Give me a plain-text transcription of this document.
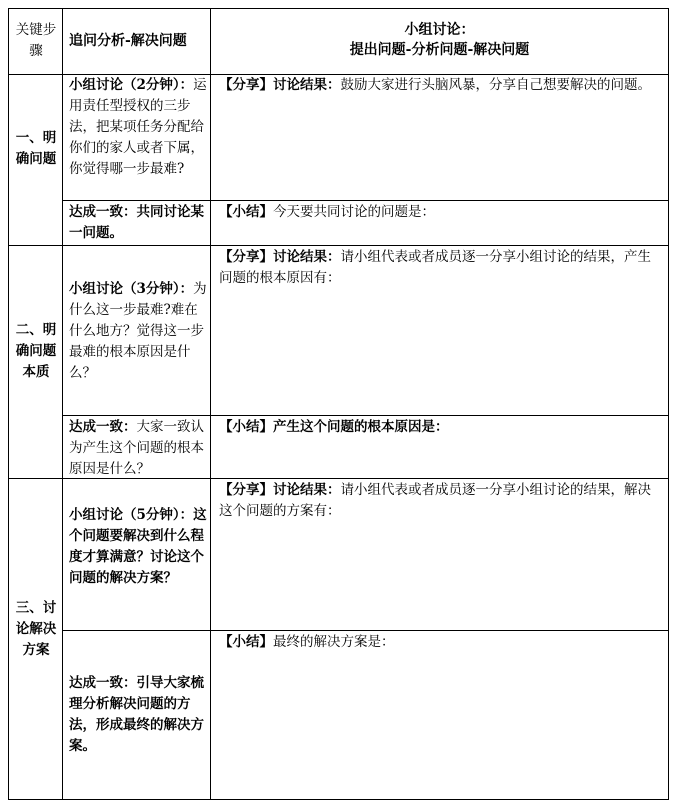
关键步骤
追问分析-解决问题
小组讨论：
提出问题-分析问题-解决问题
一、明确问题
小组讨论（2分钟）：运用责任型授权的三步法，把某项任务分配给你们的家人或者下属，你觉得哪一步最难?
【分享】讨论结果：鼓励大家进行头脑风暴，分享自己想要解决的问题。
达成一致：共同讨论某一问题。
【小结】今天要共同讨论的问题是：
二、明确问题本质
小组讨论（3分钟）：为什么这一步最难?难在什么地方？觉得这一步最难的根本原因是什么？
【分享】讨论结果：请小组代表或者成员逐一分享小组讨论的结果，产生问题的根本原因有：
达成一致：大家一致认为产生这个问题的根本原因是什么？
【小结】产生这个问题的根本原因是：
三、讨论解决方案
小组讨论（5分钟）：这个问题要解决到什么程度才算满意？讨论这个问题的解决方案？
【分享】讨论结果：请小组代表或者成员逐一分享小组讨论的结果，解决这个问题的方案有：
达成一致：引导大家梳理分析解决问题的方法，形成最终的解决方案。
【小结】最终的解决方案是：
